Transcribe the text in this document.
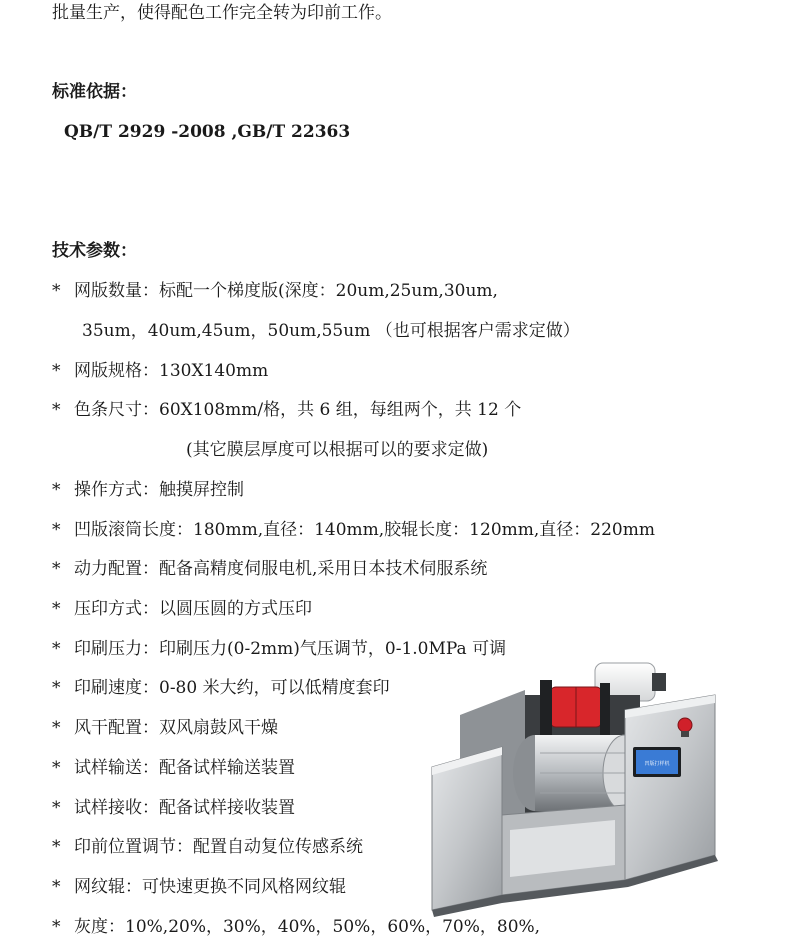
批量生产，使得配色工作完全转为印前工作。
标准依据：
QB/T 2929 -2008 ,GB/T 22363
技术参数：
* 网版数量：标配一个梯度版(深度：20um,25um,30um,
35um，40um,45um，50um,55um （也可根据客户需求定做）
* 网版规格：130X140mm
* 色条尺寸：60X108mm/格，共 6 组，每组两个，共 12 个
(其它膜层厚度可以根据可以的要求定做)
* 操作方式：触摸屏控制
* 凹版滚筒长度：180mm,直径：140mm,胶辊长度：120mm,直径：220mm
* 动力配置：配备高精度伺服电机,采用日本技术伺服系统
* 压印方式：以圆压圆的方式压印
* 印刷压力：印刷压力(0-2mm)气压调节，0-1.0MPa 可调
* 印刷速度：0-80 米大约，可以低精度套印
* 风干配置：双风扇鼓风干燥
* 试样输送：配备试样输送装置
* 试样接收：配备试样接收装置
* 印前位置调节：配置自动复位传感系统
* 网纹辊：可快速更换不同风格网纹辊
* 灰度：10%,20%，30%，40%，50%，60%，70%，80%,
凹版打样机
